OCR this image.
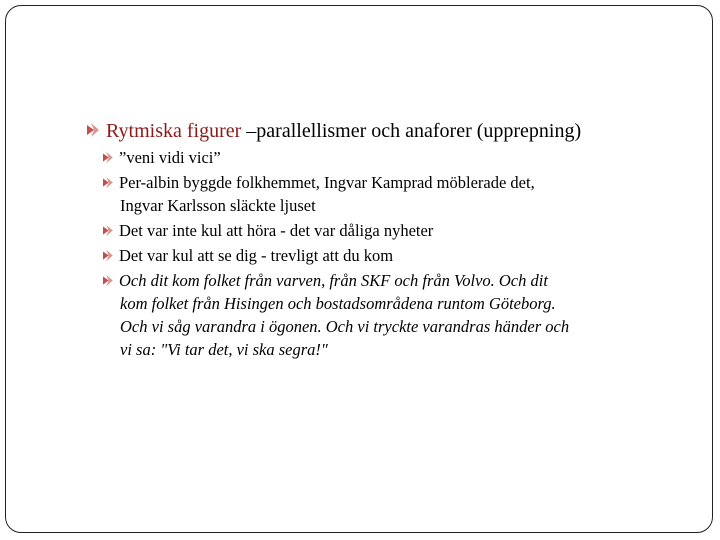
Rytmiska figurer –parallellismer och anaforer (upprepning)
”veni vidi vici”
Per-albin byggde folkhemmet, Ingvar Kamprad möblerade det,
Ingvar Karlsson släckte ljuset
Det var inte kul att höra - det var dåliga nyheter
Det var kul att se dig - trevligt att du kom
Och dit kom folket från varven, från SKF och från Volvo. Och dit
kom folket från Hisingen och bostadsområdena runtom Göteborg.
Och vi såg varandra i ögonen. Och vi tryckte varandras händer och
vi sa: "Vi tar det, vi ska segra!"
